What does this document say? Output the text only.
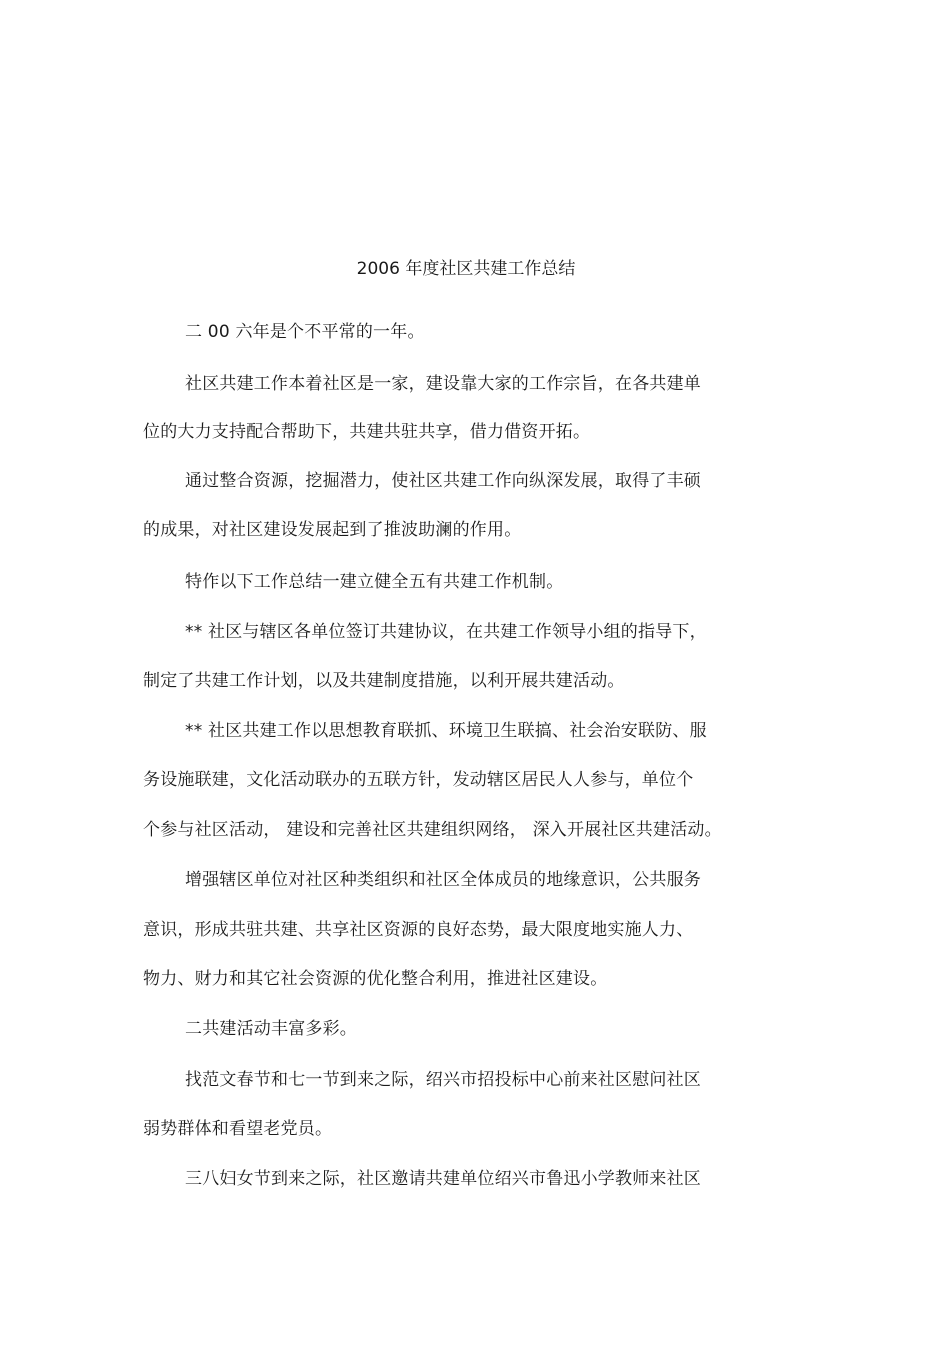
2006 年度社区共建工作总结
二 00 六年是个不平常的一年。
社区共建工作本着社区是一家，建设靠大家的工作宗旨，在各共建单
位的大力支持配合帮助下，共建共驻共享，借力借资开拓。
通过整合资源，挖掘潜力，使社区共建工作向纵深发展，取得了丰硕
的成果，对社区建设发展起到了推波助澜的作用。
特作以下工作总结一建立健全五有共建工作机制。
** 社区与辖区各单位签订共建协议，在共建工作领导小组的指导下，
制定了共建工作计划，以及共建制度措施，以利开展共建活动。
** 社区共建工作以思想教育联抓、环境卫生联搞、社会治安联防、服
务设施联建，文化活动联办的五联方针，发动辖区居民人人参与，单位个
个参与社区活动， 建设和完善社区共建组织网络， 深入开展社区共建活动。
增强辖区单位对社区种类组织和社区全体成员的地缘意识，公共服务
意识，形成共驻共建、共享社区资源的良好态势，最大限度地实施人力、
物力、财力和其它社会资源的优化整合利用，推进社区建设。
二共建活动丰富多彩。
找范文春节和七一节到来之际，绍兴市招投标中心前来社区慰问社区
弱势群体和看望老党员。
三八妇女节到来之际，社区邀请共建单位绍兴市鲁迅小学教师来社区
